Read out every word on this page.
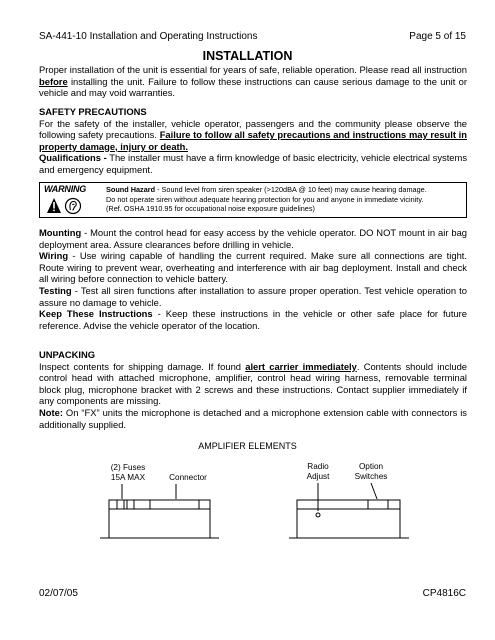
SA-441-10 Installation and Operating Instructions	Page 5 of 15
INSTALLATION
Proper installation of the unit is essential for years of safe, reliable operation. Please read all instruction before installing the unit. Failure to follow these instructions can cause serious damage to the unit or vehicle and may void warranties.
SAFETY PRECAUTIONS
For the safety of the installer, vehicle operator, passengers and the community please observe the following safety precautions. Failure to follow all safety precautions and instructions may result in property damage, injury or death.
Qualifications - The installer must have a firm knowledge of basic electricity, vehicle electrical systems and emergency equipment.
WARNING	Sound Hazard - Sound level from siren speaker (>120dBA @ 10 feet) may cause hearing damage.
Do not operate siren without adequate hearing protection for you and anyone in immediate vicinity.
(Ref. OSHA 1910.95 for occupational noise exposure guidelines)
Mounting - Mount the control head for easy access by the vehicle operator. DO NOT mount in air bag deployment area. Assure clearances before drilling in vehicle.
Wiring - Use wiring capable of handling the current required. Make sure all connections are tight. Route wiring to prevent wear, overheating and interference with air bag deployment. Install and check all wiring before connection to vehicle battery.
Testing - Test all siren functions after installation to assure proper operation. Test vehicle operation to assure no damage to vehicle.
Keep These Instructions - Keep these instructions in the vehicle or other safe place for future reference. Advise the vehicle operator of the location.
UNPACKING
Inspect contents for shipping damage. If found alert carrier immediately. Contents should include control head with attached microphone, amplifier, control head wiring harness, removable terminal block plug, microphone bracket with 2 screws and these instructions. Contact supplier immediately if any components are missing.
Note: On “FX” units the microphone is detached and a microphone extension cable with connectors is additionally supplied.
AMPLIFIER ELEMENTS
(2) Fuses
15A MAX	Connector
Radio
Adjust
Option
Switches
02/07/05	CP4816C
